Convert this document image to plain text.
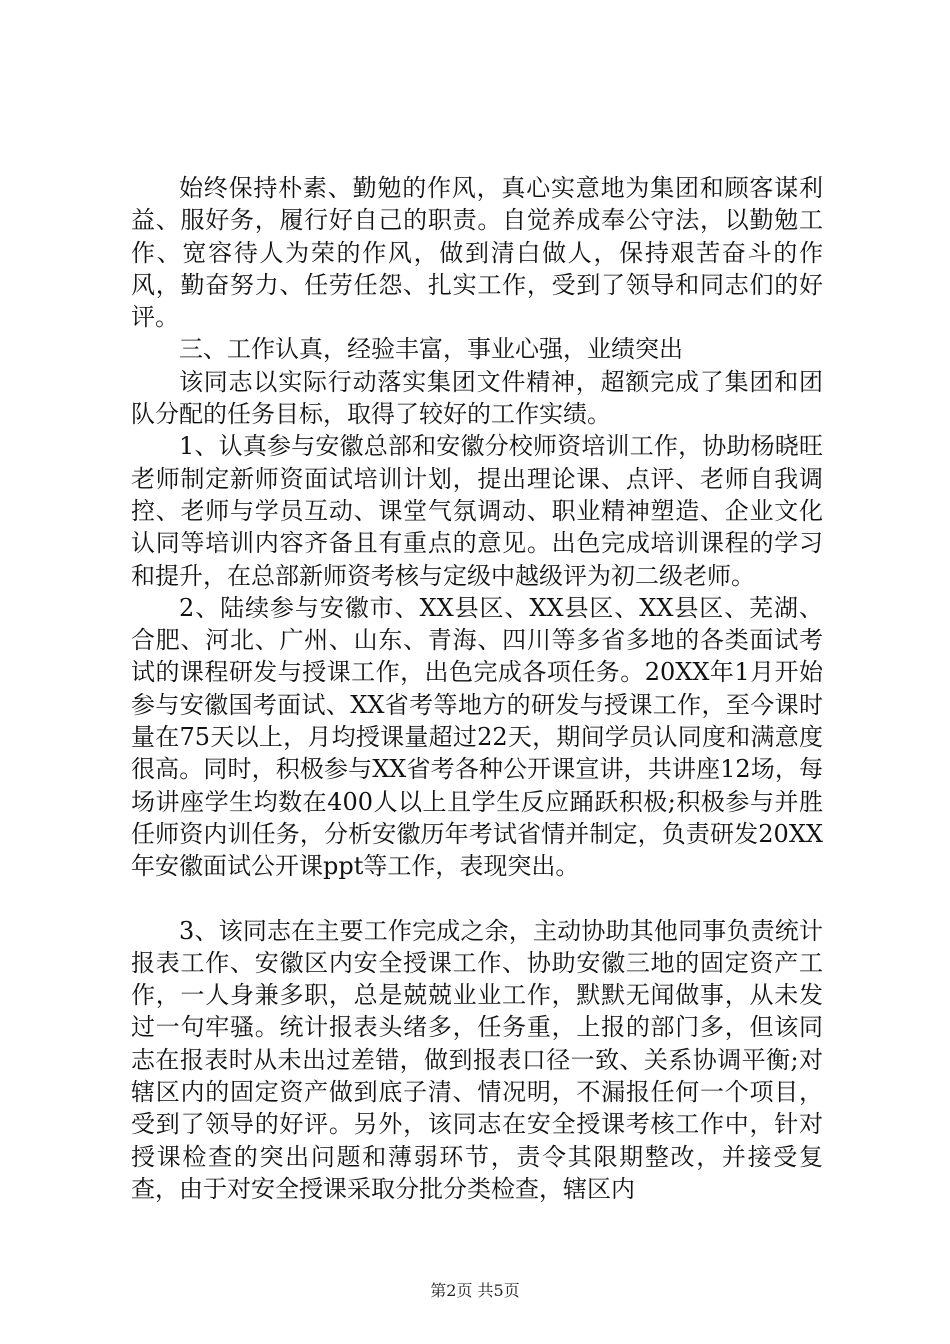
始终保持朴素、勤勉的作风，真心实意地为集团和顾客谋利益、服好务，履行好自己的职责。自觉养成奉公守法，以勤勉工作、宽容待人为荣的作风，做到清白做人，保持艰苦奋斗的作风，勤奋努力、任劳任怨、扎实工作，受到了领导和同志们的好评。

三、工作认真，经验丰富，事业心强，业绩突出

该同志以实际行动落实集团文件精神，超额完成了集团和团队分配的任务目标，取得了较好的工作实绩。

1、认真参与安徽总部和安徽分校师资培训工作，协助杨晓旺老师制定新师资面试培训计划，提出理论课、点评、老师自我调控、老师与学员互动、课堂气氛调动、职业精神塑造、企业文化认同等培训内容齐备且有重点的意见。出色完成培训课程的学习和提升，在总部新师资考核与定级中越级评为初二级老师。

2、陆续参与安徽市、XX县区、XX县区、XX县区、芜湖、合肥、河北、广州、山东、青海、四川等多省多地的各类面试考试的课程研发与授课工作，出色完成各项任务。20XX年1月开始参与安徽国考面试、XX省考等地方的研发与授课工作，至今课时量在75天以上，月均授课量超过22天，期间学员认同度和满意度很高。同时，积极参与XX省考各种公开课宣讲，共讲座12场，每场讲座学生均数在400人以上且学生反应踊跃积极;积极参与并胜任师资内训任务，分析安徽历年考试省情并制定，负责研发20XX年安徽面试公开课ppt等工作，表现突出。

3、该同志在主要工作完成之余，主动协助其他同事负责统计报表工作、安徽区内安全授课工作、协助安徽三地的固定资产工作，一人身兼多职，总是兢兢业业工作，默默无闻做事，从未发过一句牢骚。统计报表头绪多，任务重，上报的部门多，但该同志在报表时从未出过差错，做到报表口径一致、关系协调平衡;对辖区内的固定资产做到底子清、情况明，不漏报任何一个项目，受到了领导的好评。另外，该同志在安全授课考核工作中，针对授课检查的突出问题和薄弱环节，责令其限期整改，并接受复查，由于对安全授课采取分批分类检查，辖区内

第2页 共5页
